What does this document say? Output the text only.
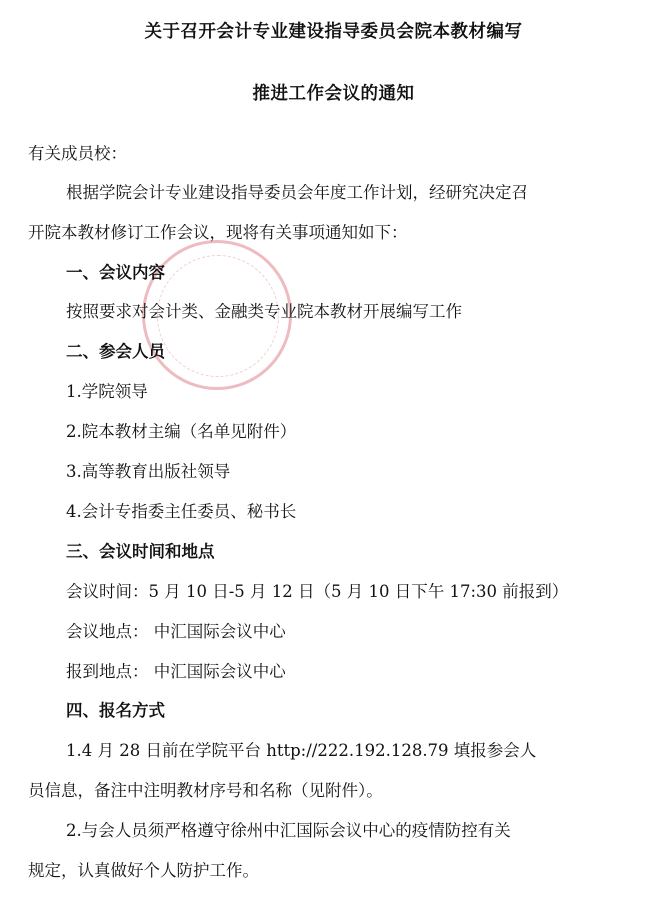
关于召开会计专业建设指导委员会院本教材编写
推进工作会议的通知
有关成员校：
根据学院会计专业建设指导委员会年度工作计划，经研究决定召
开院本教材修订工作会议，现将有关事项通知如下：
一、会议内容
按照要求对会计类、金融类专业院本教材开展编写工作
二、参会人员
1.学院领导
2.院本教材主编（名单见附件）
3.高等教育出版社领导
4.会计专指委主任委员、秘书长
三、会议时间和地点
会议时间：5 月 10 日-5 月 12 日（5 月 10 日下午 17:30 前报到）
会议地点： 中汇国际会议中心
报到地点： 中汇国际会议中心
四、报名方式
1.4 月 28 日前在学院平台 http://222.192.128.79 填报参会人
员信息，备注中注明教材序号和名称（见附件）。
2.与会人员须严格遵守徐州中汇国际会议中心的疫情防控有关
规定，认真做好个人防护工作。
